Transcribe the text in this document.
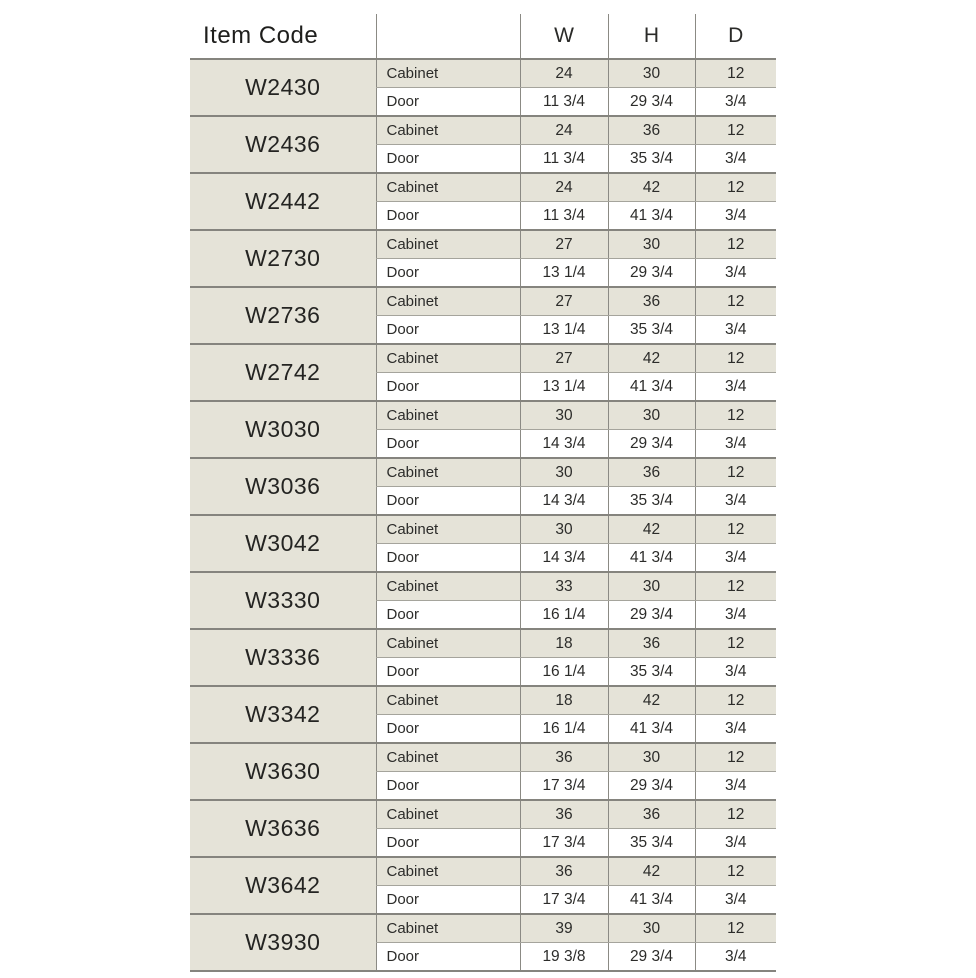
Item Code		W	H	D
W2430	Cabinet	24	30	12
	Door	11 3/4	29 3/4	3/4
W2436	Cabinet	24	36	12
	Door	11 3/4	35 3/4	3/4
W2442	Cabinet	24	42	12
	Door	11 3/4	41 3/4	3/4
W2730	Cabinet	27	30	12
	Door	13 1/4	29 3/4	3/4
W2736	Cabinet	27	36	12
	Door	13 1/4	35 3/4	3/4
W2742	Cabinet	27	42	12
	Door	13 1/4	41 3/4	3/4
W3030	Cabinet	30	30	12
	Door	14 3/4	29 3/4	3/4
W3036	Cabinet	30	36	12
	Door	14 3/4	35 3/4	3/4
W3042	Cabinet	30	42	12
	Door	14 3/4	41 3/4	3/4
W3330	Cabinet	33	30	12
	Door	16 1/4	29 3/4	3/4
W3336	Cabinet	18	36	12
	Door	16 1/4	35 3/4	3/4
W3342	Cabinet	18	42	12
	Door	16 1/4	41 3/4	3/4
W3630	Cabinet	36	30	12
	Door	17 3/4	29 3/4	3/4
W3636	Cabinet	36	36	12
	Door	17 3/4	35 3/4	3/4
W3642	Cabinet	36	42	12
	Door	17 3/4	41 3/4	3/4
W3930	Cabinet	39	30	12
	Door	19 3/8	29 3/4	3/4
